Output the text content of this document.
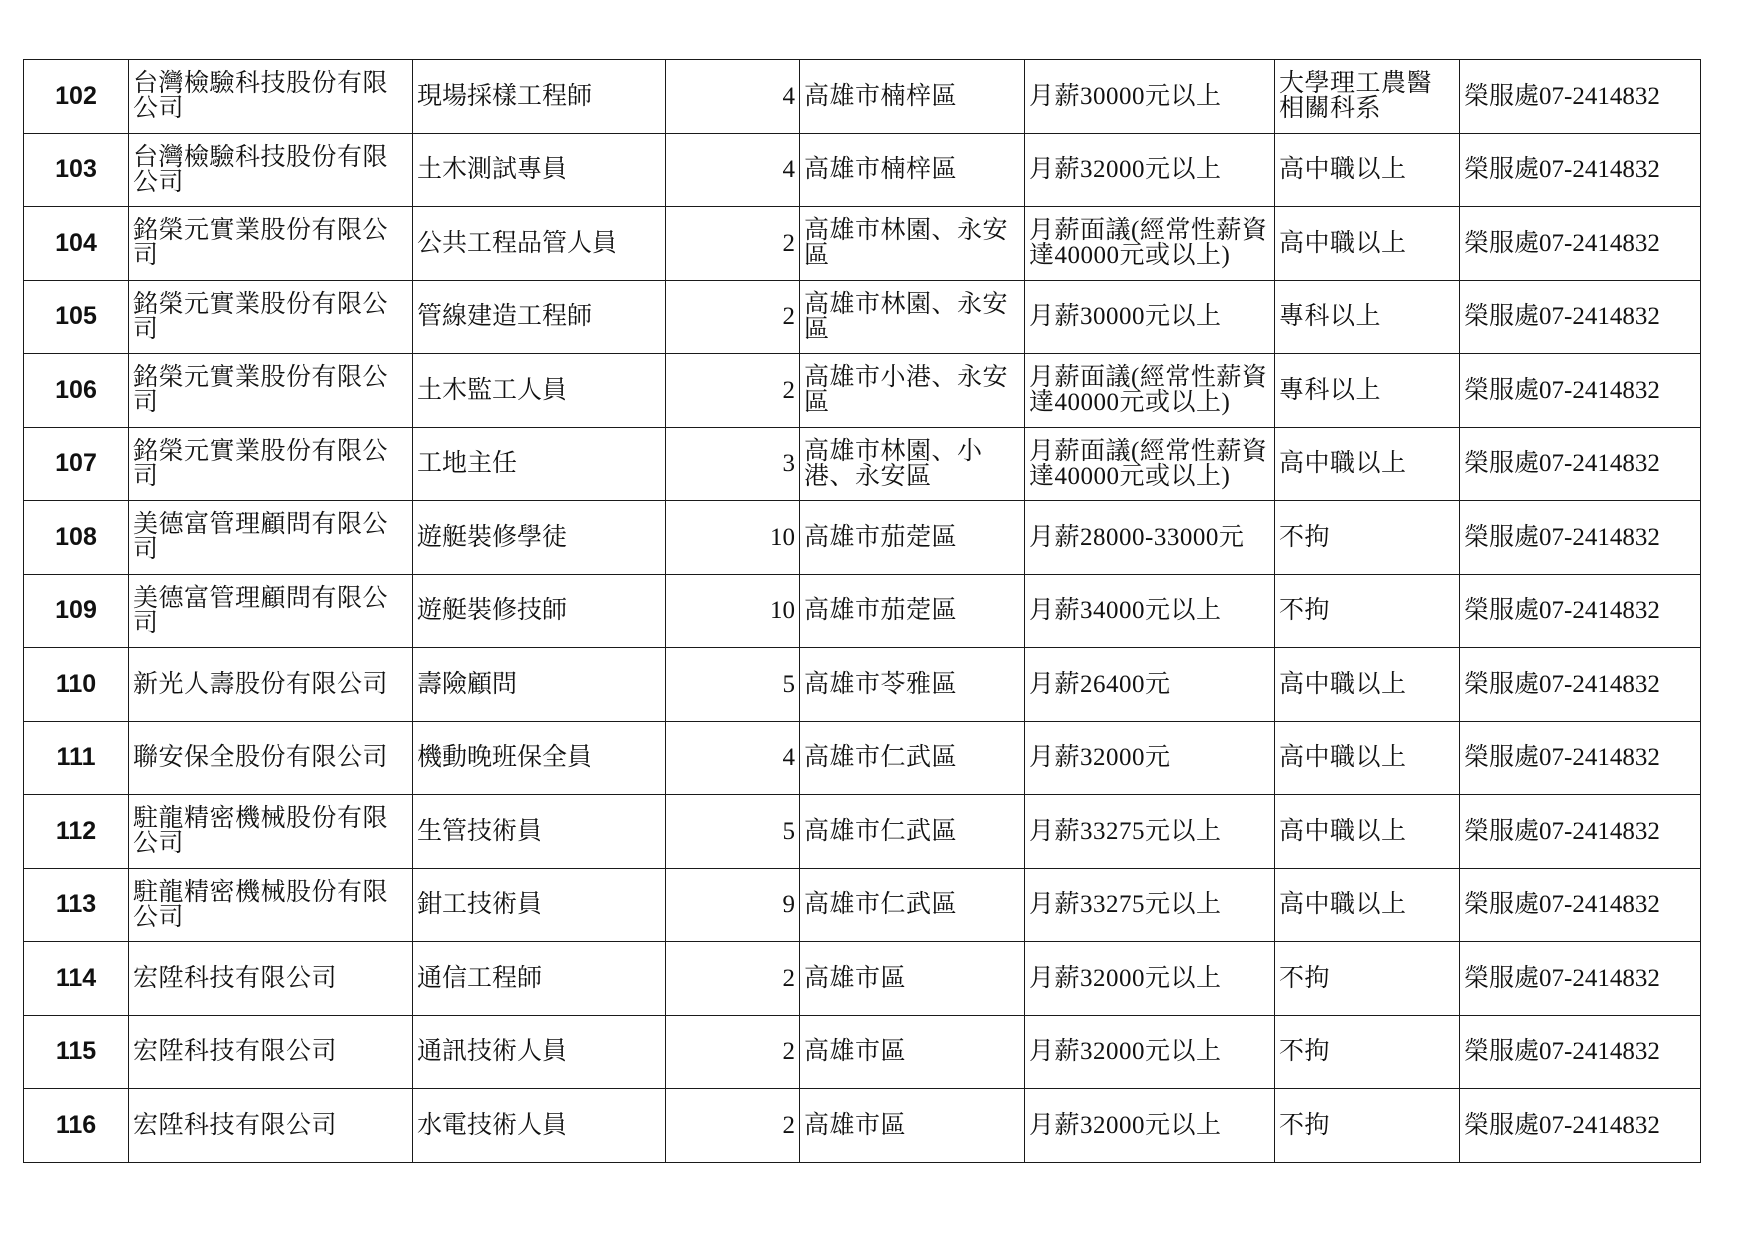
102	台灣檢驗科技股份有限公司	現場採樣工程師	4	高雄市楠梓區	月薪30000元以上	大學理工農醫相關科系	榮服處07-2414832
103	台灣檢驗科技股份有限公司	土木測試專員	4	高雄市楠梓區	月薪32000元以上	高中職以上	榮服處07-2414832
104	銘榮元實業股份有限公司	公共工程品管人員	2	高雄市林園、永安區	月薪面議(經常性薪資達40000元或以上)	高中職以上	榮服處07-2414832
105	銘榮元實業股份有限公司	管線建造工程師	2	高雄市林園、永安區	月薪30000元以上	專科以上	榮服處07-2414832
106	銘榮元實業股份有限公司	土木監工人員	2	高雄市小港、永安區	月薪面議(經常性薪資達40000元或以上)	專科以上	榮服處07-2414832
107	銘榮元實業股份有限公司	工地主任	3	高雄市林園、小港、永安區	月薪面議(經常性薪資達40000元或以上)	高中職以上	榮服處07-2414832
108	美德富管理顧問有限公司	遊艇裝修學徒	10	高雄市茄萣區	月薪28000-33000元	不拘	榮服處07-2414832
109	美德富管理顧問有限公司	遊艇裝修技師	10	高雄市茄萣區	月薪34000元以上	不拘	榮服處07-2414832
110	新光人壽股份有限公司	壽險顧問	5	高雄市苓雅區	月薪26400元	高中職以上	榮服處07-2414832
111	聯安保全股份有限公司	機動晚班保全員	4	高雄市仁武區	月薪32000元	高中職以上	榮服處07-2414832
112	駐龍精密機械股份有限公司	生管技術員	5	高雄市仁武區	月薪33275元以上	高中職以上	榮服處07-2414832
113	駐龍精密機械股份有限公司	鉗工技術員	9	高雄市仁武區	月薪33275元以上	高中職以上	榮服處07-2414832
114	宏陞科技有限公司	通信工程師	2	高雄市區	月薪32000元以上	不拘	榮服處07-2414832
115	宏陞科技有限公司	通訊技術人員	2	高雄市區	月薪32000元以上	不拘	榮服處07-2414832
116	宏陞科技有限公司	水電技術人員	2	高雄市區	月薪32000元以上	不拘	榮服處07-2414832
